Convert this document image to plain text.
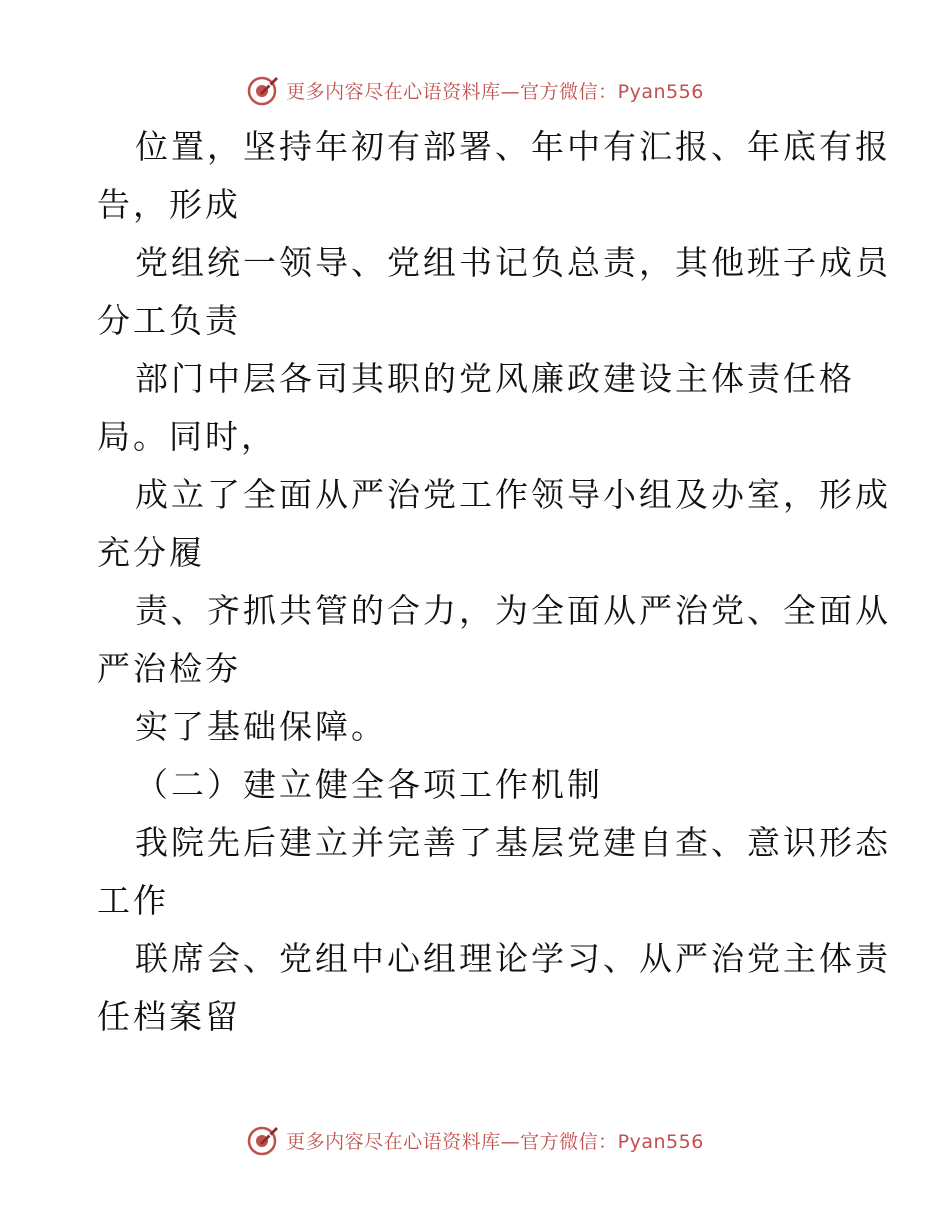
更多内容尽在心语资料库—官方微信：Pyan556

位置，坚持年初有部署、年中有汇报、年底有报

告，形成

党组统一领导、党组书记负总责，其他班子成员

分工负责

部门中层各司其职的党风廉政建设主体责任格

局。同时，

成立了全面从严治党工作领导小组及办室，形成

充分履

责、齐抓共管的合力，为全面从严治党、全面从

严治检夯

实了基础保障。

（二）建立健全各项工作机制

我院先后建立并完善了基层党建自查、意识形态

工作

联席会、党组中心组理论学习、从严治党主体责

任档案留

更多内容尽在心语资料库—官方微信：Pyan556
